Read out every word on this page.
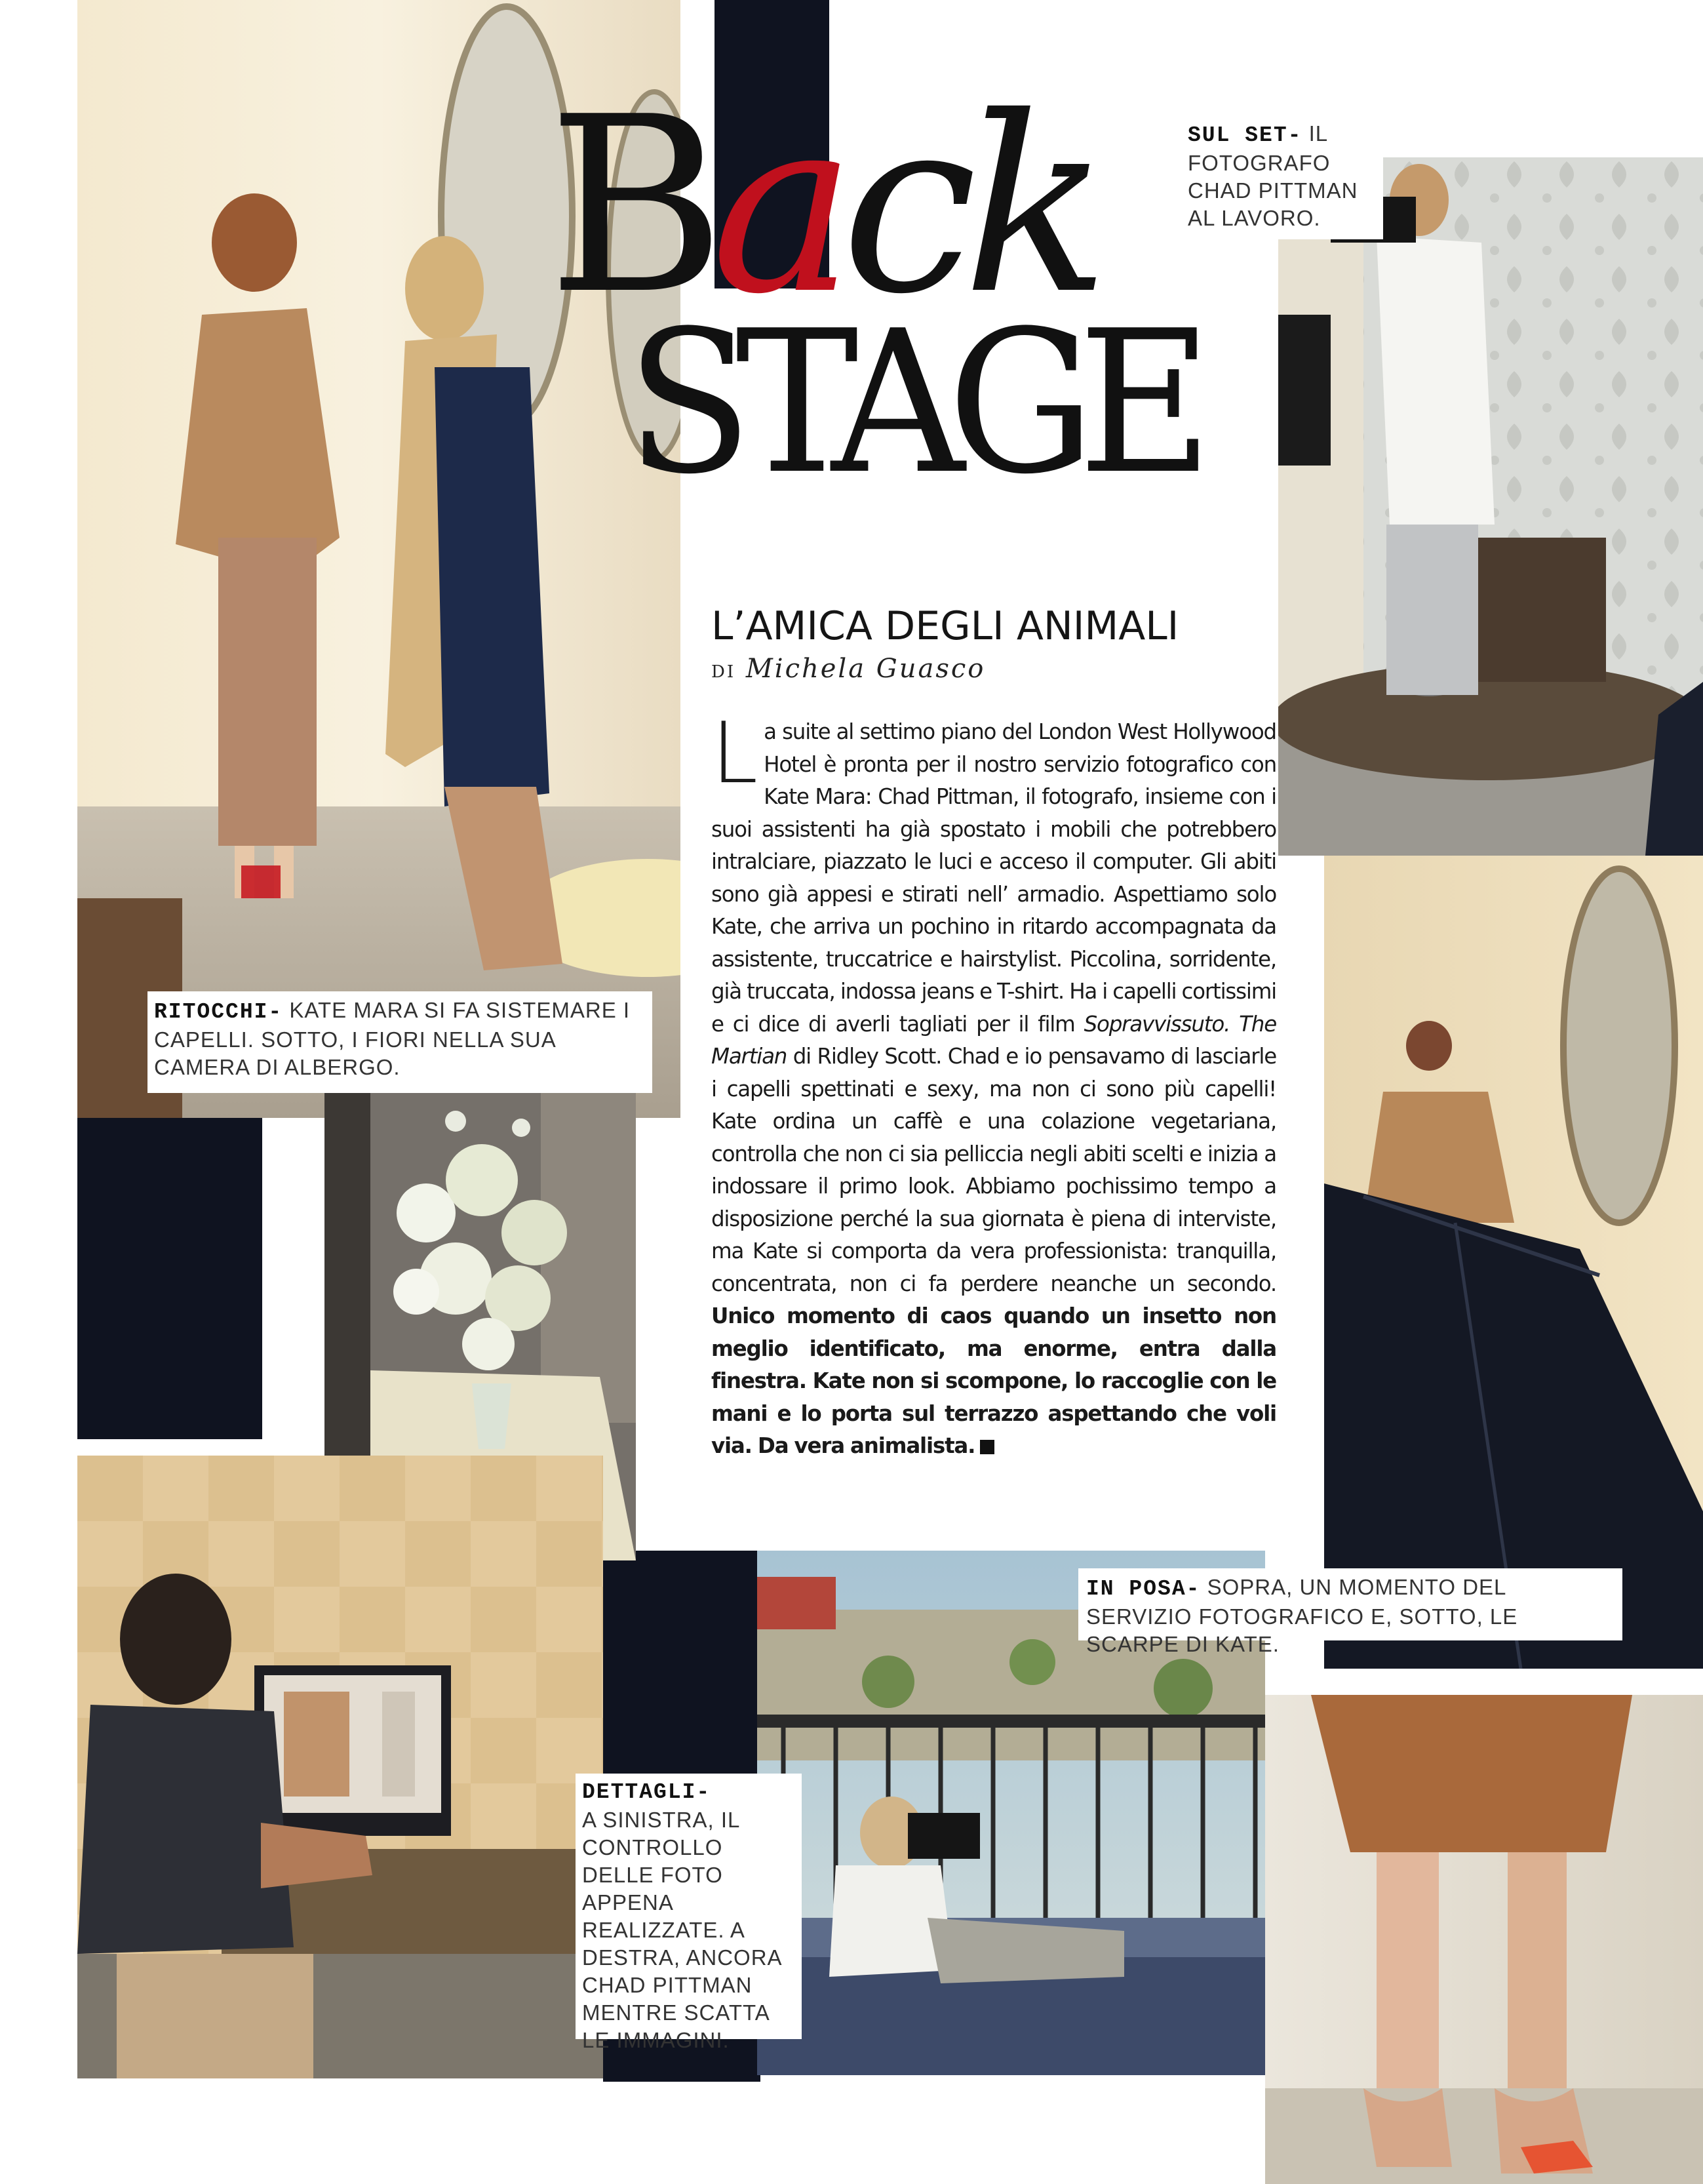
Back
STAGE
L’AMICA DEGLI ANIMALI
DI Michela Guasco
La suite al settimo piano del London West Hollywood Hotel è pronta per il nostro servizio fotografico con Kate Mara: Chad Pittman, il fotografo, insieme con i suoi assistenti ha già spostato i mobili che potrebbero intralciare, piazzato le luci e acceso il computer. Gli abiti sono già appesi e stirati nell’ armadio. Aspettiamo solo Kate, che arriva un pochino in ritardo accompagnata da assistente, truccatrice e hairstylist. Piccolina, sorridente, già truccata, indossa jeans e T-shirt. Ha i capelli cortissimi e ci dice di averli tagliati per il film Sopravvissuto. The Martian di Ridley Scott. Chad e io pensavamo di lasciarle i capelli spettinati e sexy, ma non ci sono più capelli! Kate ordina un caffè e una colazione vegetariana, controlla che non ci sia pelliccia negli abiti scelti e inizia a indossare il primo look. Abbiamo pochissimo tempo a disposizione perché la sua giornata è piena di interviste, ma Kate si comporta da vera professionista: tranquilla, concentrata, non ci fa perdere neanche un secondo. Unico momento di caos quando un insetto non meglio identificato, ma enorme, entra dalla finestra. Kate non si scompone, lo raccoglie con le mani e lo porta sul terrazzo aspettando che voli via. Da vera animalista.
SUL SET- IL FOTOGRAFO CHAD PITTMAN AL LAVORO.
RITOCCHI- KATE MARA SI FA SISTEMARE I CAPELLI. SOTTO, I FIORI NELLA SUA CAMERA DI ALBERGO.
IN POSA- SOPRA, UN MOMENTO DEL SERVIZIO FOTOGRAFICO E, SOTTO, LE SCARPE DI KATE.
DETTAGLI-
A SINISTRA, IL CONTROLLO DELLE FOTO APPENA REALIZZATE. A DESTRA, ANCORA CHAD PITTMAN MENTRE SCATTA LE IMMAGINI.
